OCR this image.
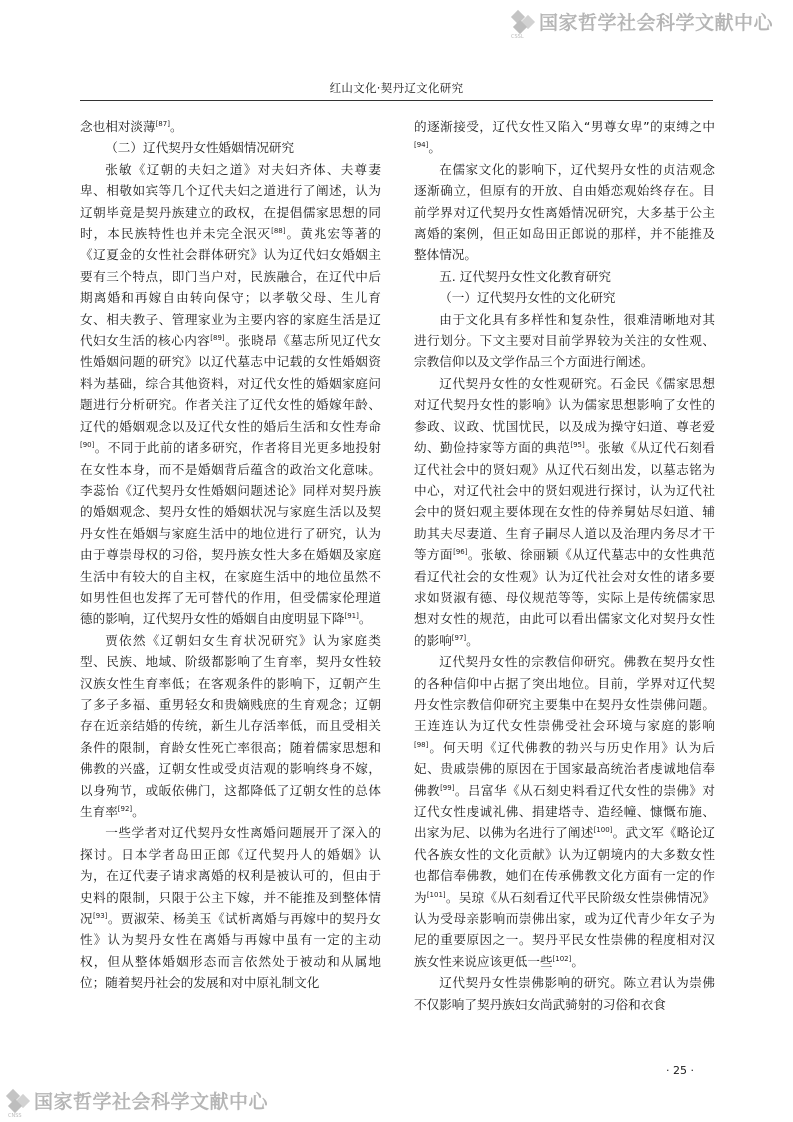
国家哲学社会科学文献中心
CSSL
红山文化·契丹辽文化研究

念也相对淡薄[87]。

（二）辽代契丹女性婚姻情况研究

张敏《辽朝的夫妇之道》对夫妇齐体、夫尊妻卑、相敬如宾等几个辽代夫妇之道进行了阐述，认为辽朝毕竟是契丹族建立的政权，在提倡儒家思想的同时，本民族特性也并未完全泯灭[88]。黄兆宏等著的《辽夏金的女性社会群体研究》认为辽代妇女婚姻主要有三个特点，即门当户对，民族融合，在辽代中后期离婚和再嫁自由转向保守；以孝敬父母、生儿育女、相夫教子、管理家业为主要内容的家庭生活是辽代妇女生活的核心内容[89]。张晓昂《墓志所见辽代女性婚姻问题的研究》以辽代墓志中记载的女性婚姻资料为基础，综合其他资料，对辽代女性的婚姻家庭问题进行分析研究。作者关注了辽代女性的婚嫁年龄、辽代的婚姻观念以及辽代女性的婚后生活和女性寿命[90]。不同于此前的诸多研究，作者将目光更多地投射在女性本身，而不是婚姻背后蕴含的政治文化意味。李蕊怡《辽代契丹女性婚姻问题述论》同样对契丹族的婚姻观念、契丹女性的婚姻状况与家庭生活以及契丹女性在婚姻与家庭生活中的地位进行了研究，认为由于尊崇母权的习俗，契丹族女性大多在婚姻及家庭生活中有较大的自主权，在家庭生活中的地位虽然不如男性但也发挥了无可替代的作用，但受儒家伦理道德的影响，辽代契丹女性的婚姻自由度明显下降[91]。

贾依然《辽朝妇女生育状况研究》认为家庭类型、民族、地域、阶级都影响了生育率，契丹女性较汉族女性生育率低；在客观条件的影响下，辽朝产生了多子多福、重男轻女和贵嫡贱庶的生育观念；辽朝存在近亲结婚的传统，新生儿存活率低，而且受相关条件的限制，育龄女性死亡率很高；随着儒家思想和佛教的兴盛，辽朝女性或受贞洁观的影响终身不嫁，以身殉节，或皈依佛门，这都降低了辽朝女性的总体生育率[92]。

一些学者对辽代契丹女性离婚问题展开了深入的探讨。日本学者岛田正郎《辽代契丹人的婚姻》认为，在辽代妻子请求离婚的权利是被认可的，但由于史料的限制，只限于公主下嫁，并不能推及到整体情况[93]。贾淑荣、杨美玉《试析离婚与再嫁中的契丹女性》认为契丹女性在离婚与再嫁中虽有一定的主动权，但从整体婚姻形态而言依然处于被动和从属地位；随着契丹社会的发展和对中原礼制文化

的逐渐接受，辽代女性又陷入“男尊女卑”的束缚之中[94]。

在儒家文化的影响下，辽代契丹女性的贞洁观念逐渐确立，但原有的开放、自由婚恋观始终存在。目前学界对辽代契丹女性离婚情况研究，大多基于公主离婚的案例，但正如岛田正郎说的那样，并不能推及整体情况。

五. 辽代契丹女性文化教育研究

（一）辽代契丹女性的文化研究

由于文化具有多样性和复杂性，很难清晰地对其进行划分。下文主要对目前学界较为关注的女性观、宗教信仰以及文学作品三个方面进行阐述。

辽代契丹女性的女性观研究。石金民《儒家思想对辽代契丹女性的影响》认为儒家思想影响了女性的参政、议政、忧国忧民，以及成为操守妇道、尊老爱幼、勤俭持家等方面的典范[95]。张敏《从辽代石刻看辽代社会中的贤妇观》从辽代石刻出发，以墓志铭为中心，对辽代社会中的贤妇观进行探讨，认为辽代社会中的贤妇观主要体现在女性的侍养舅姑尽妇道、辅助其夫尽妻道、生育子嗣尽人道以及治理内务尽才干等方面[96]。张敏、徐丽颖《从辽代墓志中的女性典范看辽代社会的女性观》认为辽代社会对女性的诸多要求如贤淑有德、母仪规范等等，实际上是传统儒家思想对女性的规范，由此可以看出儒家文化对契丹女性的影响[97]。

辽代契丹女性的宗教信仰研究。佛教在契丹女性的各种信仰中占据了突出地位。目前，学界对辽代契丹女性宗教信仰研究主要集中在契丹女性崇佛问题。王连连认为辽代女性崇佛受社会环境与家庭的影响[98]。何天明《辽代佛教的勃兴与历史作用》认为后妃、贵戚崇佛的原因在于国家最高统治者虔诚地信奉佛教[99]。吕富华《从石刻史料看辽代女性的崇佛》对辽代女性虔诚礼佛、捐建塔寺、造经幢、慷慨布施、出家为尼、以佛为名进行了阐述[100]。武文军《略论辽代各族女性的文化贡献》认为辽朝境内的大多数女性也都信奉佛教，她们在传承佛教文化方面有一定的作为[101]。吴琼《从石刻看辽代平民阶级女性崇佛情况》认为受母亲影响而崇佛出家，或为辽代青少年女子为尼的重要原因之一。契丹平民女性崇佛的程度相对汉族女性来说应该更低一些[102]。

辽代契丹女性崇佛影响的研究。陈立君认为崇佛不仅影响了契丹族妇女尚武骑射的习俗和衣食

· 25 ·
国家哲学社会科学文献中心
CNSS
